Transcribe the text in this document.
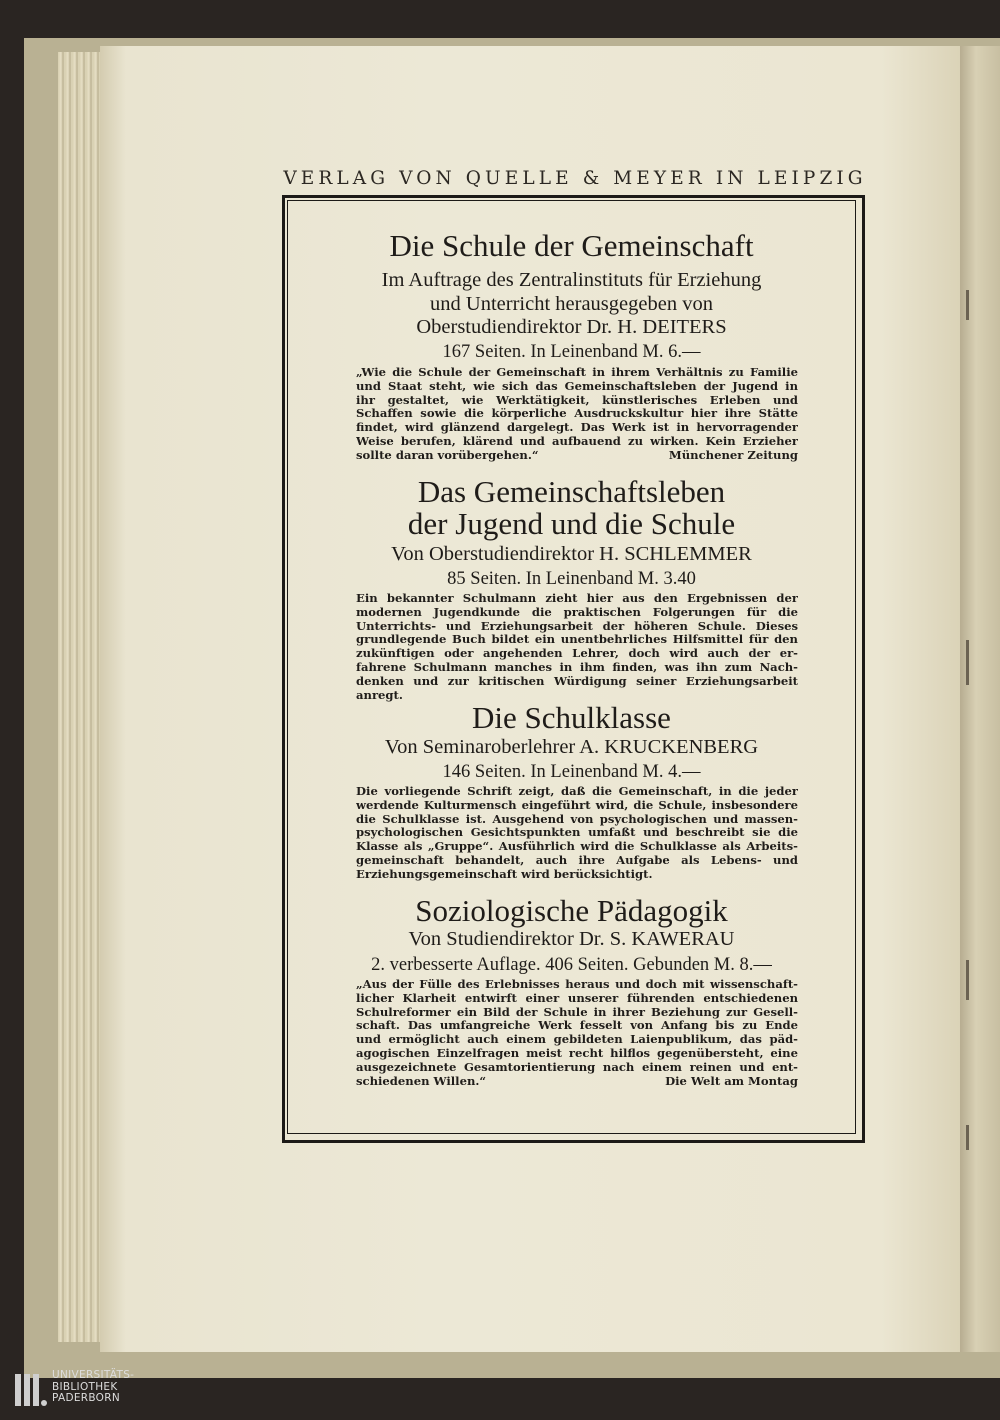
VERLAG VON QUELLE & MEYER IN LEIPZIG
Die Schule der Gemeinschaft
Im Auftrage des Zentralinstituts für Erziehung
und Unterricht herausgegeben von
Oberstudiendirektor Dr. H. DEITERS
167 Seiten. In Leinenband M. 6.—
„Wie die Schule der Gemeinschaft in ihrem Verhältnis zu Familie
und Staat steht, wie sich das Gemeinschaftsleben der Jugend in
ihr gestaltet, wie Werktätigkeit, künstlerisches Erleben und
Schaffen sowie die körperliche Ausdruckskultur hier ihre Stätte
findet, wird glänzend dargelegt. Das Werk ist in hervorragender
Weise berufen, klärend und aufbauend zu wirken. Kein Erzieher
sollte daran vorübergehen.“	Münchener Zeitung
Das Gemeinschaftsleben
der Jugend und die Schule
Von Oberstudiendirektor H. SCHLEMMER
85 Seiten. In Leinenband M. 3.40
Ein bekannter Schulmann zieht hier aus den Ergebnissen der
modernen Jugendkunde die praktischen Folgerungen für die
Unterrichts- und Erziehungsarbeit der höheren Schule. Dieses
grundlegende Buch bildet ein unentbehrliches Hilfsmittel für den
zukünftigen oder angehenden Lehrer, doch wird auch der er-
fahrene Schulmann manches in ihm finden, was ihn zum Nach-
denken und zur kritischen Würdigung seiner Erziehungsarbeit
anregt.
Die Schulklasse
Von Seminaroberlehrer A. KRUCKENBERG
146 Seiten. In Leinenband M. 4.—
Die vorliegende Schrift zeigt, daß die Gemeinschaft, in die jeder
werdende Kulturmensch eingeführt wird, die Schule, insbesondere
die Schulklasse ist. Ausgehend von psychologischen und massen-
psychologischen Gesichtspunkten umfaßt und beschreibt sie die
Klasse als „Gruppe“. Ausführlich wird die Schulklasse als Arbeits-
gemeinschaft behandelt, auch ihre Aufgabe als Lebens- und
Erziehungsgemeinschaft wird berücksichtigt.
Soziologische Pädagogik
Von Studiendirektor Dr. S. KAWERAU
2. verbesserte Auflage. 406 Seiten. Gebunden M. 8.—
„Aus der Fülle des Erlebnisses heraus und doch mit wissenschaft-
licher Klarheit entwirft einer unserer führenden entschiedenen
Schulreformer ein Bild der Schule in ihrer Beziehung zur Gesell-
schaft. Das umfangreiche Werk fesselt von Anfang bis zu Ende
und ermöglicht auch einem gebildeten Laienpublikum, das päd-
agogischen Einzelfragen meist recht hilflos gegenübersteht, eine
ausgezeichnete Gesamtorientierung nach einem reinen und ent-
schiedenen Willen.“	Die Welt am Montag
UNIVERSITÄTS-
BIBLIOTHEK
PADERBORN
